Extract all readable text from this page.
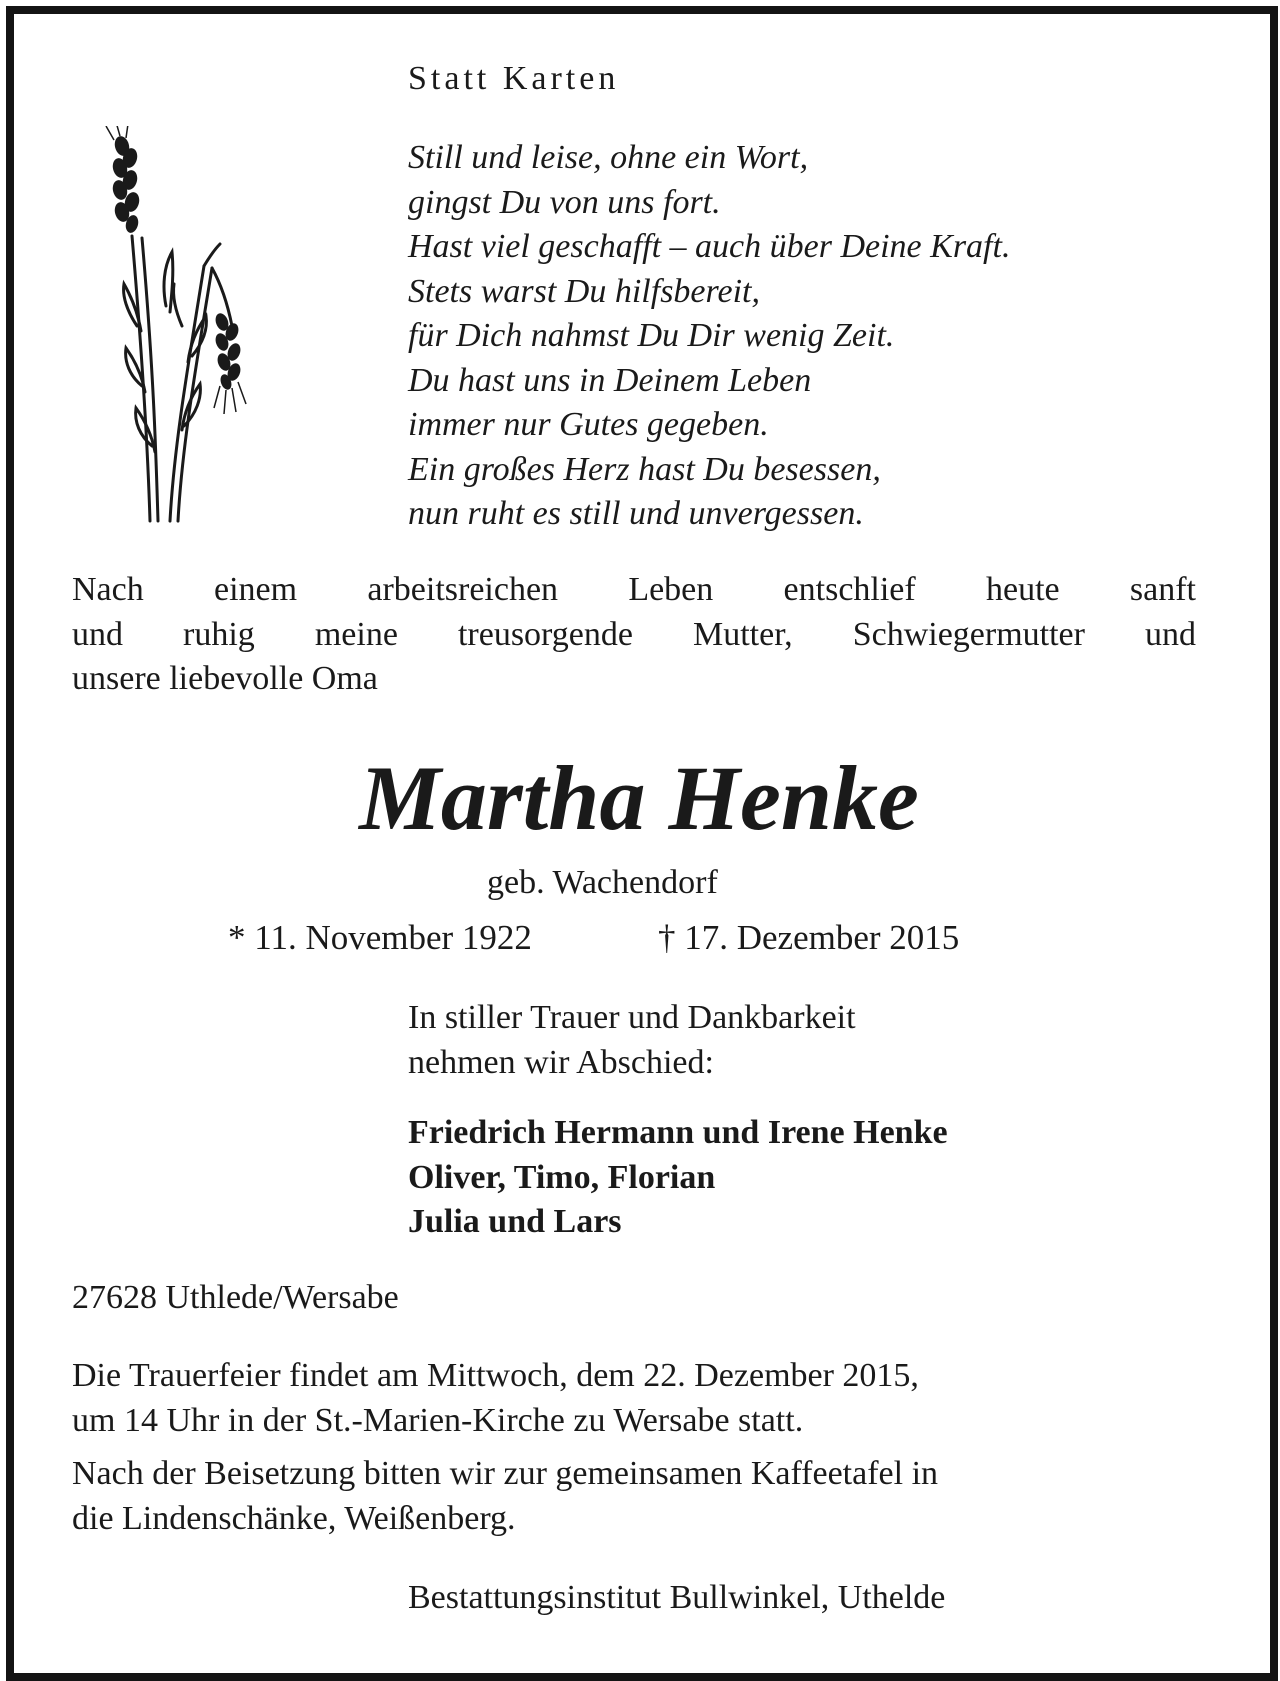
Statt Karten
Still und leise, ohne ein Wort,
gingst Du von uns fort.
Hast viel geschafft – auch über Deine Kraft.
Stets warst Du hilfsbereit,
für Dich nahmst Du Dir wenig Zeit.
Du hast uns in Deinem Leben
immer nur Gutes gegeben.
Ein großes Herz hast Du besessen,
nun ruht es still und unvergessen.
Nach einem arbeitsreichen Leben entschlief heute sanft
und ruhig meine treusorgende Mutter, Schwiegermutter und
unsere liebevolle Oma
Martha Henke
geb. Wachendorf
* 11. November 1922	† 17. Dezember 2015
In stiller Trauer und Dankbarkeit
nehmen wir Abschied:
Friedrich Hermann und Irene Henke
Oliver, Timo, Florian
Julia und Lars
27628 Uthlede/Wersabe
Die Trauerfeier findet am Mittwoch, dem 22. Dezember 2015,
um 14 Uhr in der St.-Marien-Kirche zu Wersabe statt.
Nach der Beisetzung bitten wir zur gemeinsamen Kaffeetafel in
die Lindenschänke, Weißenberg.
Bestattungsinstitut Bullwinkel, Uthelde
